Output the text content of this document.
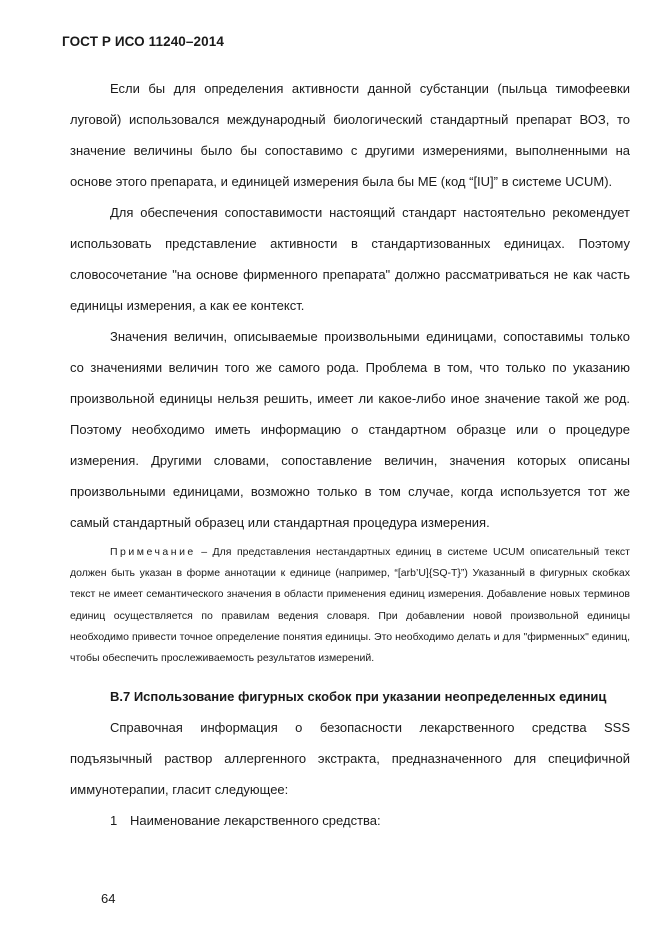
ГОСТ Р ИСО 11240–2014

Если бы для определения активности данной субстанции (пыльца тимофеевки луговой) использовался международный биологический стандартный препарат ВОЗ, то значение величины было бы сопоставимо с другими измерениями, выполненными на основе этого препарата, и единицей измерения была бы МЕ (код “[IU]” в системе UCUM).

Для обеспечения сопоставимости настоящий стандарт настоятельно рекомендует использовать представление активности в стандартизованных единицах. Поэтому словосочетание "на основе фирменного препарата" должно рассматриваться не как часть единицы измерения, а как ее контекст.

Значения величин, описываемые произвольными единицами, сопоставимы только со значениями величин того же самого рода. Проблема в том, что только по указанию произвольной единицы нельзя решить, имеет ли какое-либо иное значение такой же род. Поэтому необходимо иметь информацию о стандартном образце или о процедуре измерения. Другими словами, сопоставление величин, значения которых описаны произвольными единицами, возможно только в том случае, когда используется тот же самый стандартный образец или стандартная процедура измерения.

Примечание – Для представления нестандартных единиц в системе UCUM описательный текст должен быть указан в форме аннотации к единице (например, “[arb’U]{SQ-T}”) Указанный в фигурных скобках текст не имеет семантического значения в области применения единиц измерения. Добавление новых терминов единиц осуществляется по правилам ведения словаря. При добавлении новой произвольной единицы необходимо привести точное определение понятия единицы. Это необходимо делать и для "фирменных" единиц, чтобы обеспечить прослеживаемость результатов измерений.

B.7 Использование фигурных скобок при указании неопределенных единиц

Справочная информация о безопасности лекарственного средства SSS подъязычный раствор аллергенного экстракта, предназначенного для специфичной иммунотерапии, гласит следующее:

1 Наименование лекарственного средства:

64
